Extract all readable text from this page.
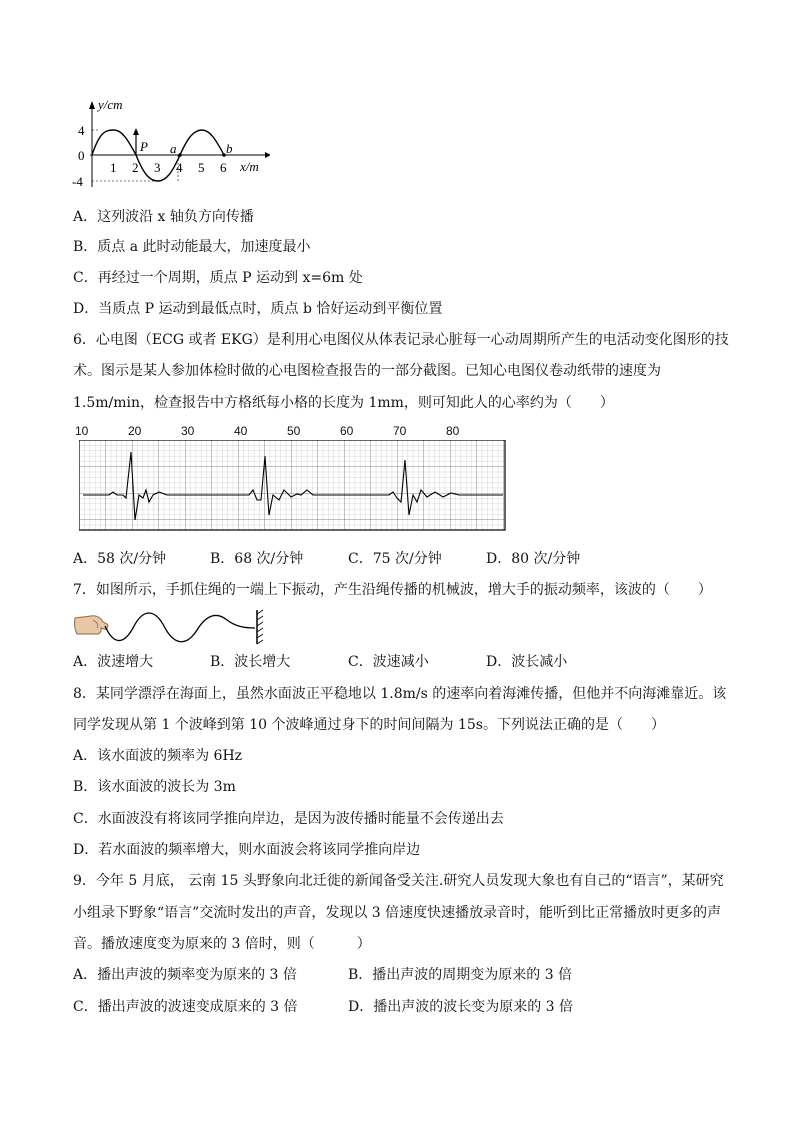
y/cm
x/m
4
0
-4
1 2 3 4 5 6
P a	b
A．这列波沿 x 轴负方向传播
B．质点 a 此时动能最大，加速度最小
C．再经过一个周期，质点 P 运动到 x=6m 处
D．当质点 P 运动到最低点时，质点 b 恰好运动到平衡位置
6．心电图（ECG 或者 EKG）是利用心电图仪从体表记录心脏每一心动周期所产生的电活动变化图形的技
术。图示是某人参加体检时做的心电图检查报告的一部分截图。已知心电图仪卷动纸带的速度为
1.5m/min，检查报告中方格纸每小格的长度为 1mm，则可知此人的心率约为（　　）
10	20	30	40	50	60	70	80
A．58 次/分钟	B．68 次/分钟	C．75 次/分钟	D．80 次/分钟
7．如图所示，手抓住绳的一端上下振动，产生沿绳传播的机械波，增大手的振动频率，该波的（　　）
A．波速增大	B．波长增大	C．波速减小	D．波长减小
8．某同学漂浮在海面上，虽然水面波正平稳地以 1.8m/s 的速率向着海滩传播，但他并不向海滩靠近。该
同学发现从第 1 个波峰到第 10 个波峰通过身下的时间间隔为 15s。下列说法正确的是（　　）
A．该水面波的频率为 6Hz
B．该水面波的波长为 3m
C．水面波没有将该同学推向岸边，是因为波传播时能量不会传递出去
D．若水面波的频率增大，则水面波会将该同学推向岸边
9．今年 5 月底， 云南 15 头野象向北迁徙的新闻备受关注.研究人员发现大象也有自己的“语言”，某研究
小组录下野象“语言”交流时发出的声音，发现以 3 倍速度快速播放录音时，能听到比正常播放时更多的声
音。播放速度变为原来的 3 倍时，则（　　　）
A．播出声波的频率变为原来的 3 倍	B．播出声波的周期变为原来的 3 倍
C．播出声波的波速变成原来的 3 倍	D．播出声波的波长变为原来的 3 倍
